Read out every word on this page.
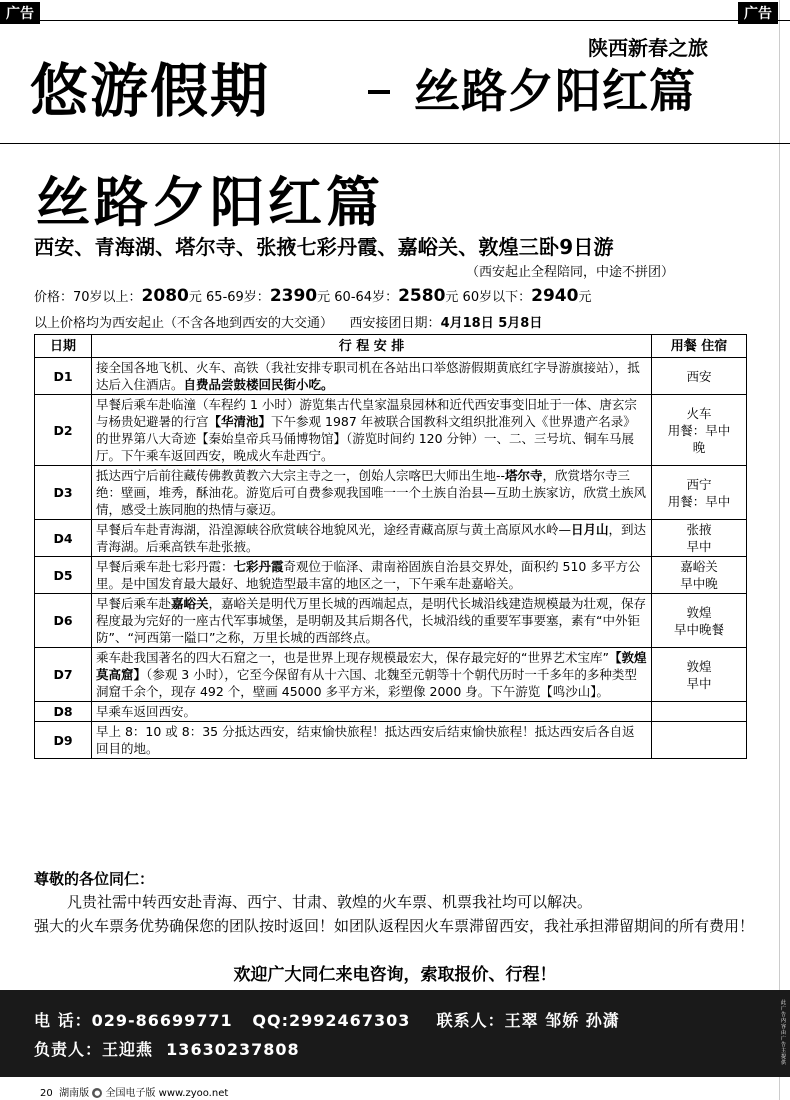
广告	广告
陕西新春之旅
悠游假期	丝路夕阳红篇
丝路夕阳红篇
西安、青海湖、塔尔寺、张掖七彩丹霞、嘉峪关、敦煌三卧9日游
（西安起止全程陪同，中途不拼团）
价格：70岁以上：2080元 65-69岁：2390元 60-64岁：2580元 60岁以下：2940元
以上价格均为西安起止（不含各地到西安的大交通） 西安接团日期：4月18日 5月8日
日期	行 程 安 排	用餐 住宿
D1	接全国各地飞机、火车、高铁（我社安排专职司机在各站出口举悠游假期黄底红字导游旗接站），抵达后入住酒店。自费品尝鼓楼回民街小吃。	西安

D2	早餐后乘车赴临潼（车程约 1 小时）游览集古代皇家温泉园林和近代西安事变旧址于一体、唐玄宗与杨贵妃避暑的行宫【华清池】下午参观 1987 年被联合国教科文组织批准列入《世界遗产名录》的世界第八大奇迹【秦始皇帝兵马俑博物馆】（游览时间约 120 分钟）一、二、三号坑、铜车马展厅。下午乘车返回西安，晚成火车赴西宁。	火车
用餐：早中
晚

D3	抵达西宁后前往藏传佛教黄教六大宗主寺之一，创始人宗喀巴大师出生地--塔尔寺，欣赏塔尔寺三绝：壁画，堆秀，酥油花。游览后可自费参观我国唯一一个土族自治县—互助土族家访，欣赏土族风情，感受土族同胞的热情与豪迈。	西宁
用餐：早中

D4	早餐后车赴青海湖，沿湟源峡谷欣赏峡谷地貌风光，途经青藏高原与黄土高原风水岭—日月山，到达青海湖。后乘高铁车赴张掖。	张掖
早中

D5	早餐后乘车赴七彩丹霞：七彩丹霞奇观位于临泽、肃南裕固族自治县交界处，面积约 510 多平方公里。是中国发育最大最好、地貌造型最丰富的地区之一，下午乘车赴嘉峪关。	嘉峪关
早中晚

D6	早餐后乘车赴嘉峪关，嘉峪关是明代万里长城的西端起点，是明代长城沿线建造规模最为壮观，保存程度最为完好的一座古代军事城堡，是明朝及其后期各代，长城沿线的重要军事要塞，素有“中外钜防”、“河西第一隘口”之称，万里长城的西部终点。	敦煌
早中晚餐

D7	乘车赴我国著名的四大石窟之一，也是世界上现存规模最宏大，保存最完好的“世界艺术宝库”【敦煌莫高窟】（参观 3 小时），它至今保留有从十六国、北魏至元朝等十个朝代历时一千多年的多种类型洞窟千余个，现存 492 个，壁画 45000 多平方米，彩塑像 2000 身。下午游览【鸣沙山】。	敦煌
早中

D8	早乘车返回西安。	

D9	早上 8：10 或 8：35 分抵达西安，结束愉快旅程！抵达西安后结束愉快旅程！抵达西安后各自返回目的地。	
尊敬的各位同仁：

凡贵社需中转西安赴青海、西宁、甘肃、敦煌的火车票、机票我社均可以解决。

强大的火车票务优势确保您的团队按时返回！如团队返程因火车票滞留西安，我社承担滞留期间的所有费用！

欢迎广大同仁来电咨询，索取报价、行程！
电 话：029-86699771 QQ:2992467303 联系人：王翠 邹娇 孙潇
负责人：王迎燕 13630237808
此广告内容由广告主提供
20 湖南版 ● 全国电子版 www.zyoo.net
